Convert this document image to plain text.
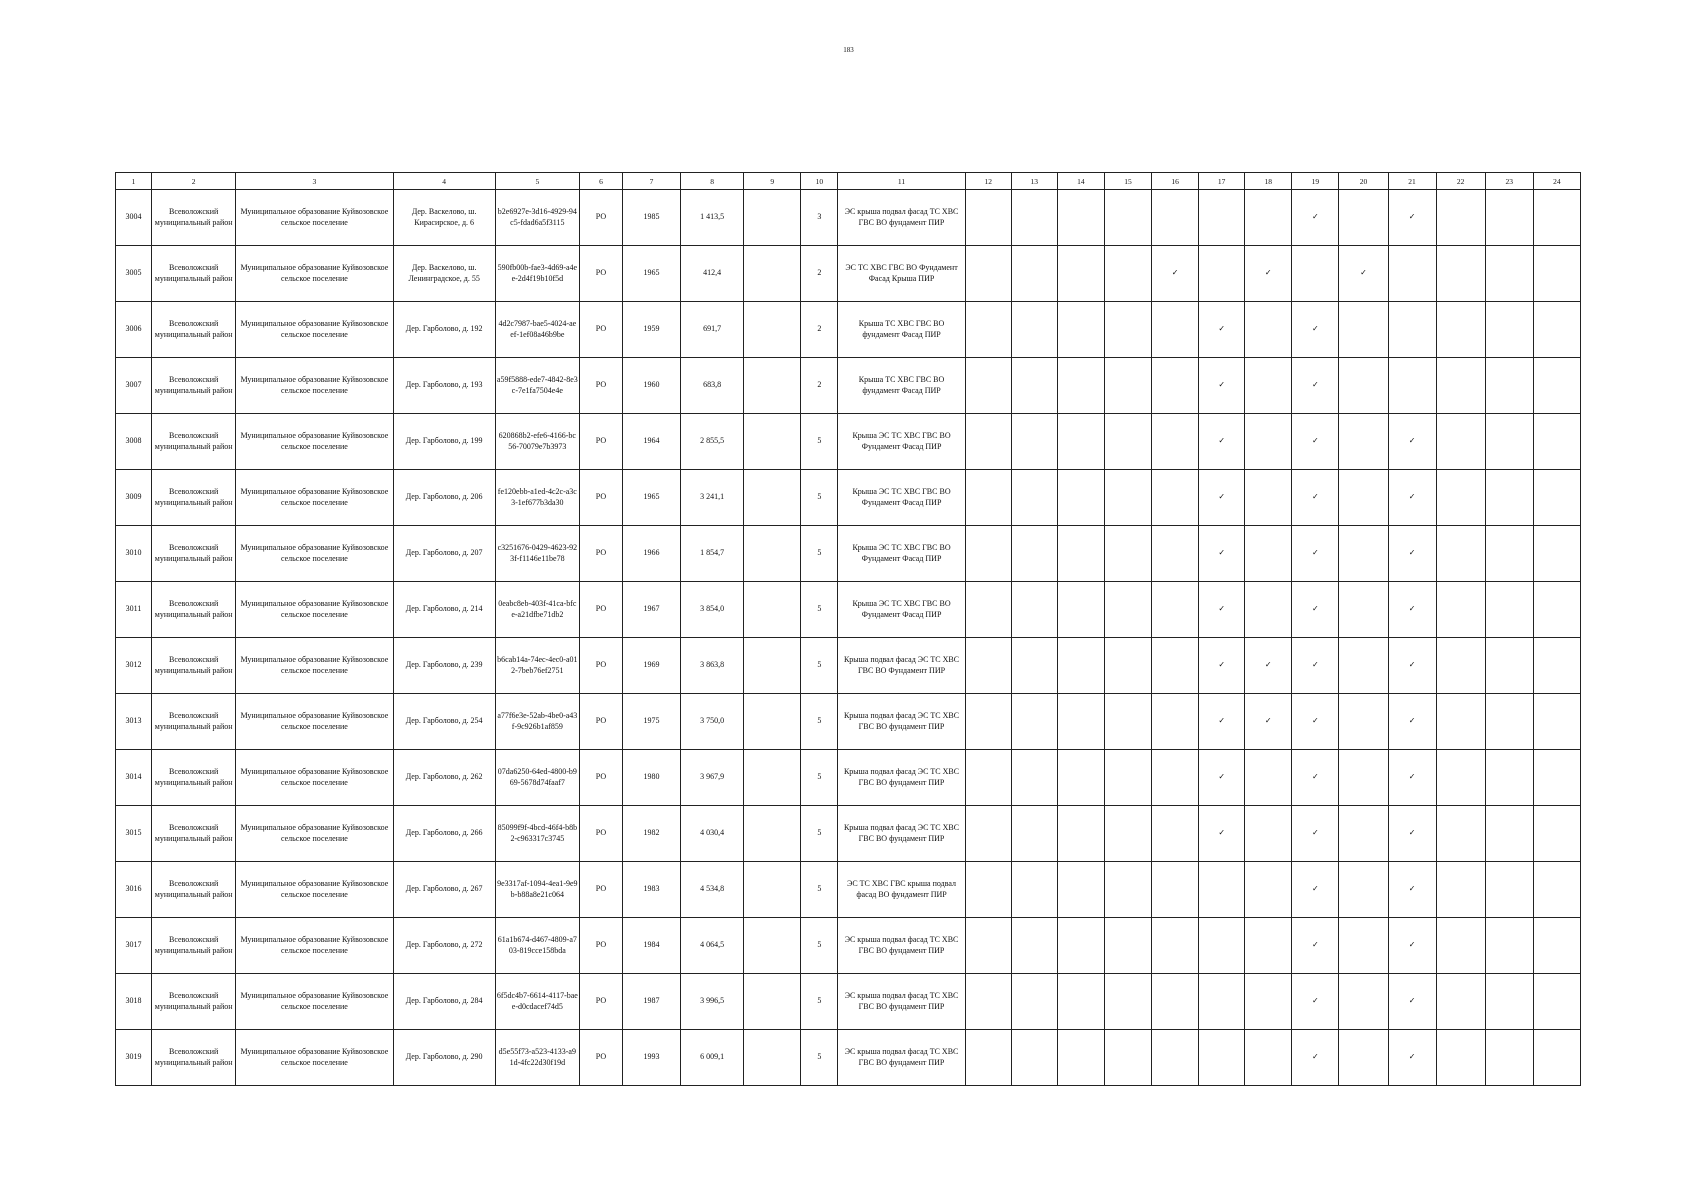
183
1	2	3	4	5	6	7	8	9	10	11	12	13	14	15	16	17	18	19	20	21	22	23	24
3004	Всеволожский муниципальный район	Муниципальное образование Куйвозовское сельское поселение	Дер. Васкелово, ш. Кирасирское, д. 6	b2e6927e-3d16-4929-94c5-fdad6a5f3115	РО	1985	1 413,5		3	ЭС крыша подвал фасад ТС ХВС ГВС ВО фундамент ПИР								✓		✓			
3005	Всеволожский муниципальный район	Муниципальное образование Куйвозовское сельское поселение	Дер. Васкелово, ш. Ленинградское, д. 55	590fb00b-fae3-4d69-a4ee-2d4f19b10f5d	РО	1965	412,4		2	ЭС ТС ХВС ГВС ВО Фундамент Фасад Крыша ПИР					✓		✓		✓				
3006	Всеволожский муниципальный район	Муниципальное образование Куйвозовское сельское поселение	Дер. Гарболово, д. 192	4d2c7987-bae5-4024-aeef-1ef08a46b9be	РО	1959	691,7		2	Крыша ТС ХВС ГВС ВО фундамент Фасад ПИР						✓		✓					
3007	Всеволожский муниципальный район	Муниципальное образование Куйвозовское сельское поселение	Дер. Гарболово, д. 193	a59f5888-ede7-4842-8e3c-7e1fa7504e4e	РО	1960	683,8		2	Крыша ТС ХВС ГВС ВО фундамент Фасад ПИР						✓		✓					
3008	Всеволожский муниципальный район	Муниципальное образование Куйвозовское сельское поселение	Дер. Гарболово, д. 199	620868b2-efe6-4166-bc56-70079e7b3973	РО	1964	2 855,5		5	Крыша ЭС ТС ХВС ГВС ВО Фундамент Фасад ПИР						✓		✓		✓			
3009	Всеволожский муниципальный район	Муниципальное образование Куйвозовское сельское поселение	Дер. Гарболово, д. 206	fe120ebb-a1ed-4c2c-a3c3-1ef677b3da30	РО	1965	3 241,1		5	Крыша ЭС ТС ХВС ГВС ВО Фундамент Фасад ПИР						✓		✓		✓			
3010	Всеволожский муниципальный район	Муниципальное образование Куйвозовское сельское поселение	Дер. Гарболово, д. 207	c3251676-0429-4623-923f-f1146e11be78	РО	1966	1 854,7		5	Крыша ЭС ТС ХВС ГВС ВО Фундамент Фасад ПИР						✓		✓		✓			
3011	Всеволожский муниципальный район	Муниципальное образование Куйвозовское сельское поселение	Дер. Гарболово, д. 214	0eabc8eb-403f-41ca-bfce-a21dfbe71db2	РО	1967	3 854,0		5	Крыша ЭС ТС ХВС ГВС ВО Фундамент Фасад ПИР						✓		✓		✓			
3012	Всеволожский муниципальный район	Муниципальное образование Куйвозовское сельское поселение	Дер. Гарболово, д. 239	b6cab14a-74ec-4ec0-a012-7beb76ef2751	РО	1969	3 863,8		5	Крыша подвал фасад ЭС ТС ХВС ГВС ВО Фундамент ПИР						✓	✓	✓		✓			
3013	Всеволожский муниципальный район	Муниципальное образование Куйвозовское сельское поселение	Дер. Гарболово, д. 254	a77f6e3e-52ab-4be0-a43f-9c926b1af859	РО	1975	3 750,0		5	Крыша подвал фасад ЭС ТС ХВС ГВС ВО фундамент ПИР						✓	✓	✓		✓			
3014	Всеволожский муниципальный район	Муниципальное образование Куйвозовское сельское поселение	Дер. Гарболово, д. 262	07da6250-64ed-4800-b969-5678d74faaf7	РО	1980	3 967,9		5	Крыша подвал фасад ЭС ТС ХВС ГВС ВО фундамент ПИР						✓		✓		✓			
3015	Всеволожский муниципальный район	Муниципальное образование Куйвозовское сельское поселение	Дер. Гарболово, д. 266	85099f9f-4bcd-46f4-b8b2-c963317c3745	РО	1982	4 030,4		5	Крыша подвал фасад ЭС ТС ХВС ГВС ВО фундамент ПИР						✓		✓		✓			
3016	Всеволожский муниципальный район	Муниципальное образование Куйвозовское сельское поселение	Дер. Гарболово, д. 267	9e3317af-1094-4ea1-9e9b-b88a8e21c064	РО	1983	4 534,8		5	ЭС ТС ХВС ГВС крыша подвал фасад ВО фундамент ПИР								✓		✓			
3017	Всеволожский муниципальный район	Муниципальное образование Куйвозовское сельское поселение	Дер. Гарболово, д. 272	61a1b674-d467-4809-a703-819cce158bda	РО	1984	4 064,5		5	ЭС крыша подвал фасад ТС ХВС ГВС ВО фундамент ПИР								✓		✓			
3018	Всеволожский муниципальный район	Муниципальное образование Куйвозовское сельское поселение	Дер. Гарболово, д. 284	6f5dc4b7-6614-4117-baee-d0cdacef74d5	РО	1987	3 996,5		5	ЭС крыша подвал фасад ТС ХВС ГВС ВО фундамент ПИР								✓		✓			
3019	Всеволожский муниципальный район	Муниципальное образование Куйвозовское сельское поселение	Дер. Гарболово, д. 290	d5e55f73-a523-4133-a91d-4fc22d30f19d	РО	1993	6 009,1		5	ЭС крыша подвал фасад ТС ХВС ГВС ВО фундамент ПИР								✓		✓			
